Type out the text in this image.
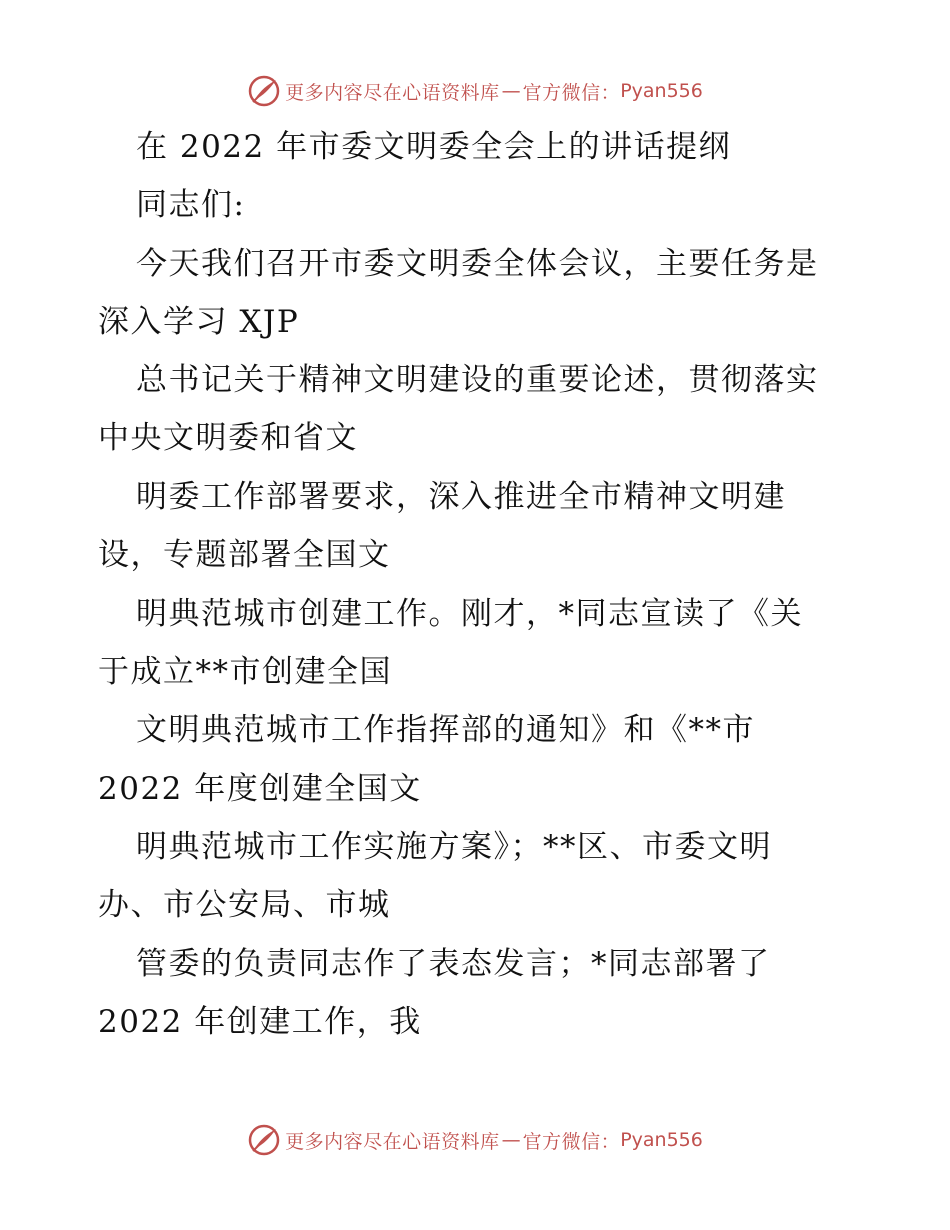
更多内容尽在心语资料库 — 官方微信： Pyan556
在 2022 年市委文明委全会上的讲话提纲
同志们:
今天我们召开市委文明委全体会议，主要任务是
深入学习 XJP
总书记关于精神文明建设的重要论述，贯彻落实
中央文明委和省文
明委工作部署要求，深入推进全市精神文明建
设，专题部署全国文
明典范城市创建工作。刚才，*同志宣读了《关
于成立**市创建全国
文明典范城市工作指挥部的通知》和《**市
2022 年度创建全国文
明典范城市工作实施方案》；**区、市委文明
办、市公安局、市城
管委的负责同志作了表态发言；*同志部署了
2022 年创建工作，我
更多内容尽在心语资料库 — 官方微信： Pyan556
